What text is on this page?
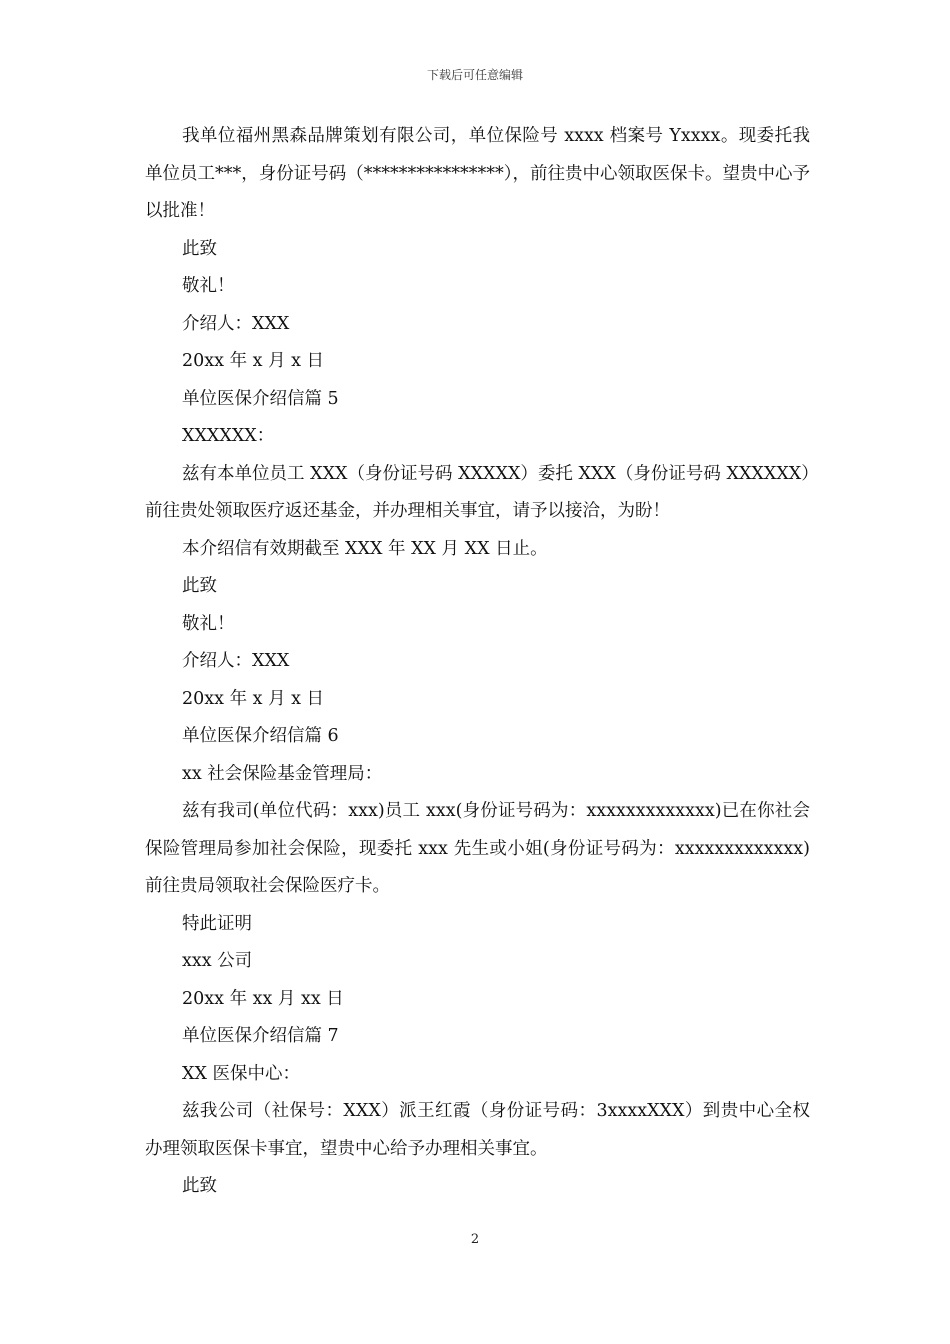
下载后可任意编辑

我单位福州黑森品牌策划有限公司，单位保险号 xxxx 档案号 Yxxxx。现委托我单位员工***，身份证号码（****************），前往贵中心领取医保卡。望贵中心予以批准！

此致

敬礼！

介绍人：XXX

20xx 年 x 月 x 日

单位医保介绍信篇 5

XXXXXX：

兹有本单位员工 XXX（身份证号码 XXXXX）委托 XXX（身份证号码 XXXXXX）前往贵处领取医疗返还基金，并办理相关事宜，请予以接洽，为盼！

本介绍信有效期截至 XXX 年 XX 月 XX 日止。

此致

敬礼！

介绍人：XXX

20xx 年 x 月 x 日

单位医保介绍信篇 6

xx 社会保险基金管理局：

兹有我司(单位代码：xxx)员工 xxx(身份证号码为：xxxxxxxxxxxxx)已在你社会保险管理局参加社会保险，现委托 xxx 先生或小姐(身份证号码为：xxxxxxxxxxxxx)前往贵局领取社会保险医疗卡。

特此证明

xxx 公司

20xx 年 xx 月 xx 日

单位医保介绍信篇 7

XX 医保中心：

兹我公司（社保号：XXX）派王红霞（身份证号码：3xxxxXXX）到贵中心全权办理领取医保卡事宜，望贵中心给予办理相关事宜。

此致

2
